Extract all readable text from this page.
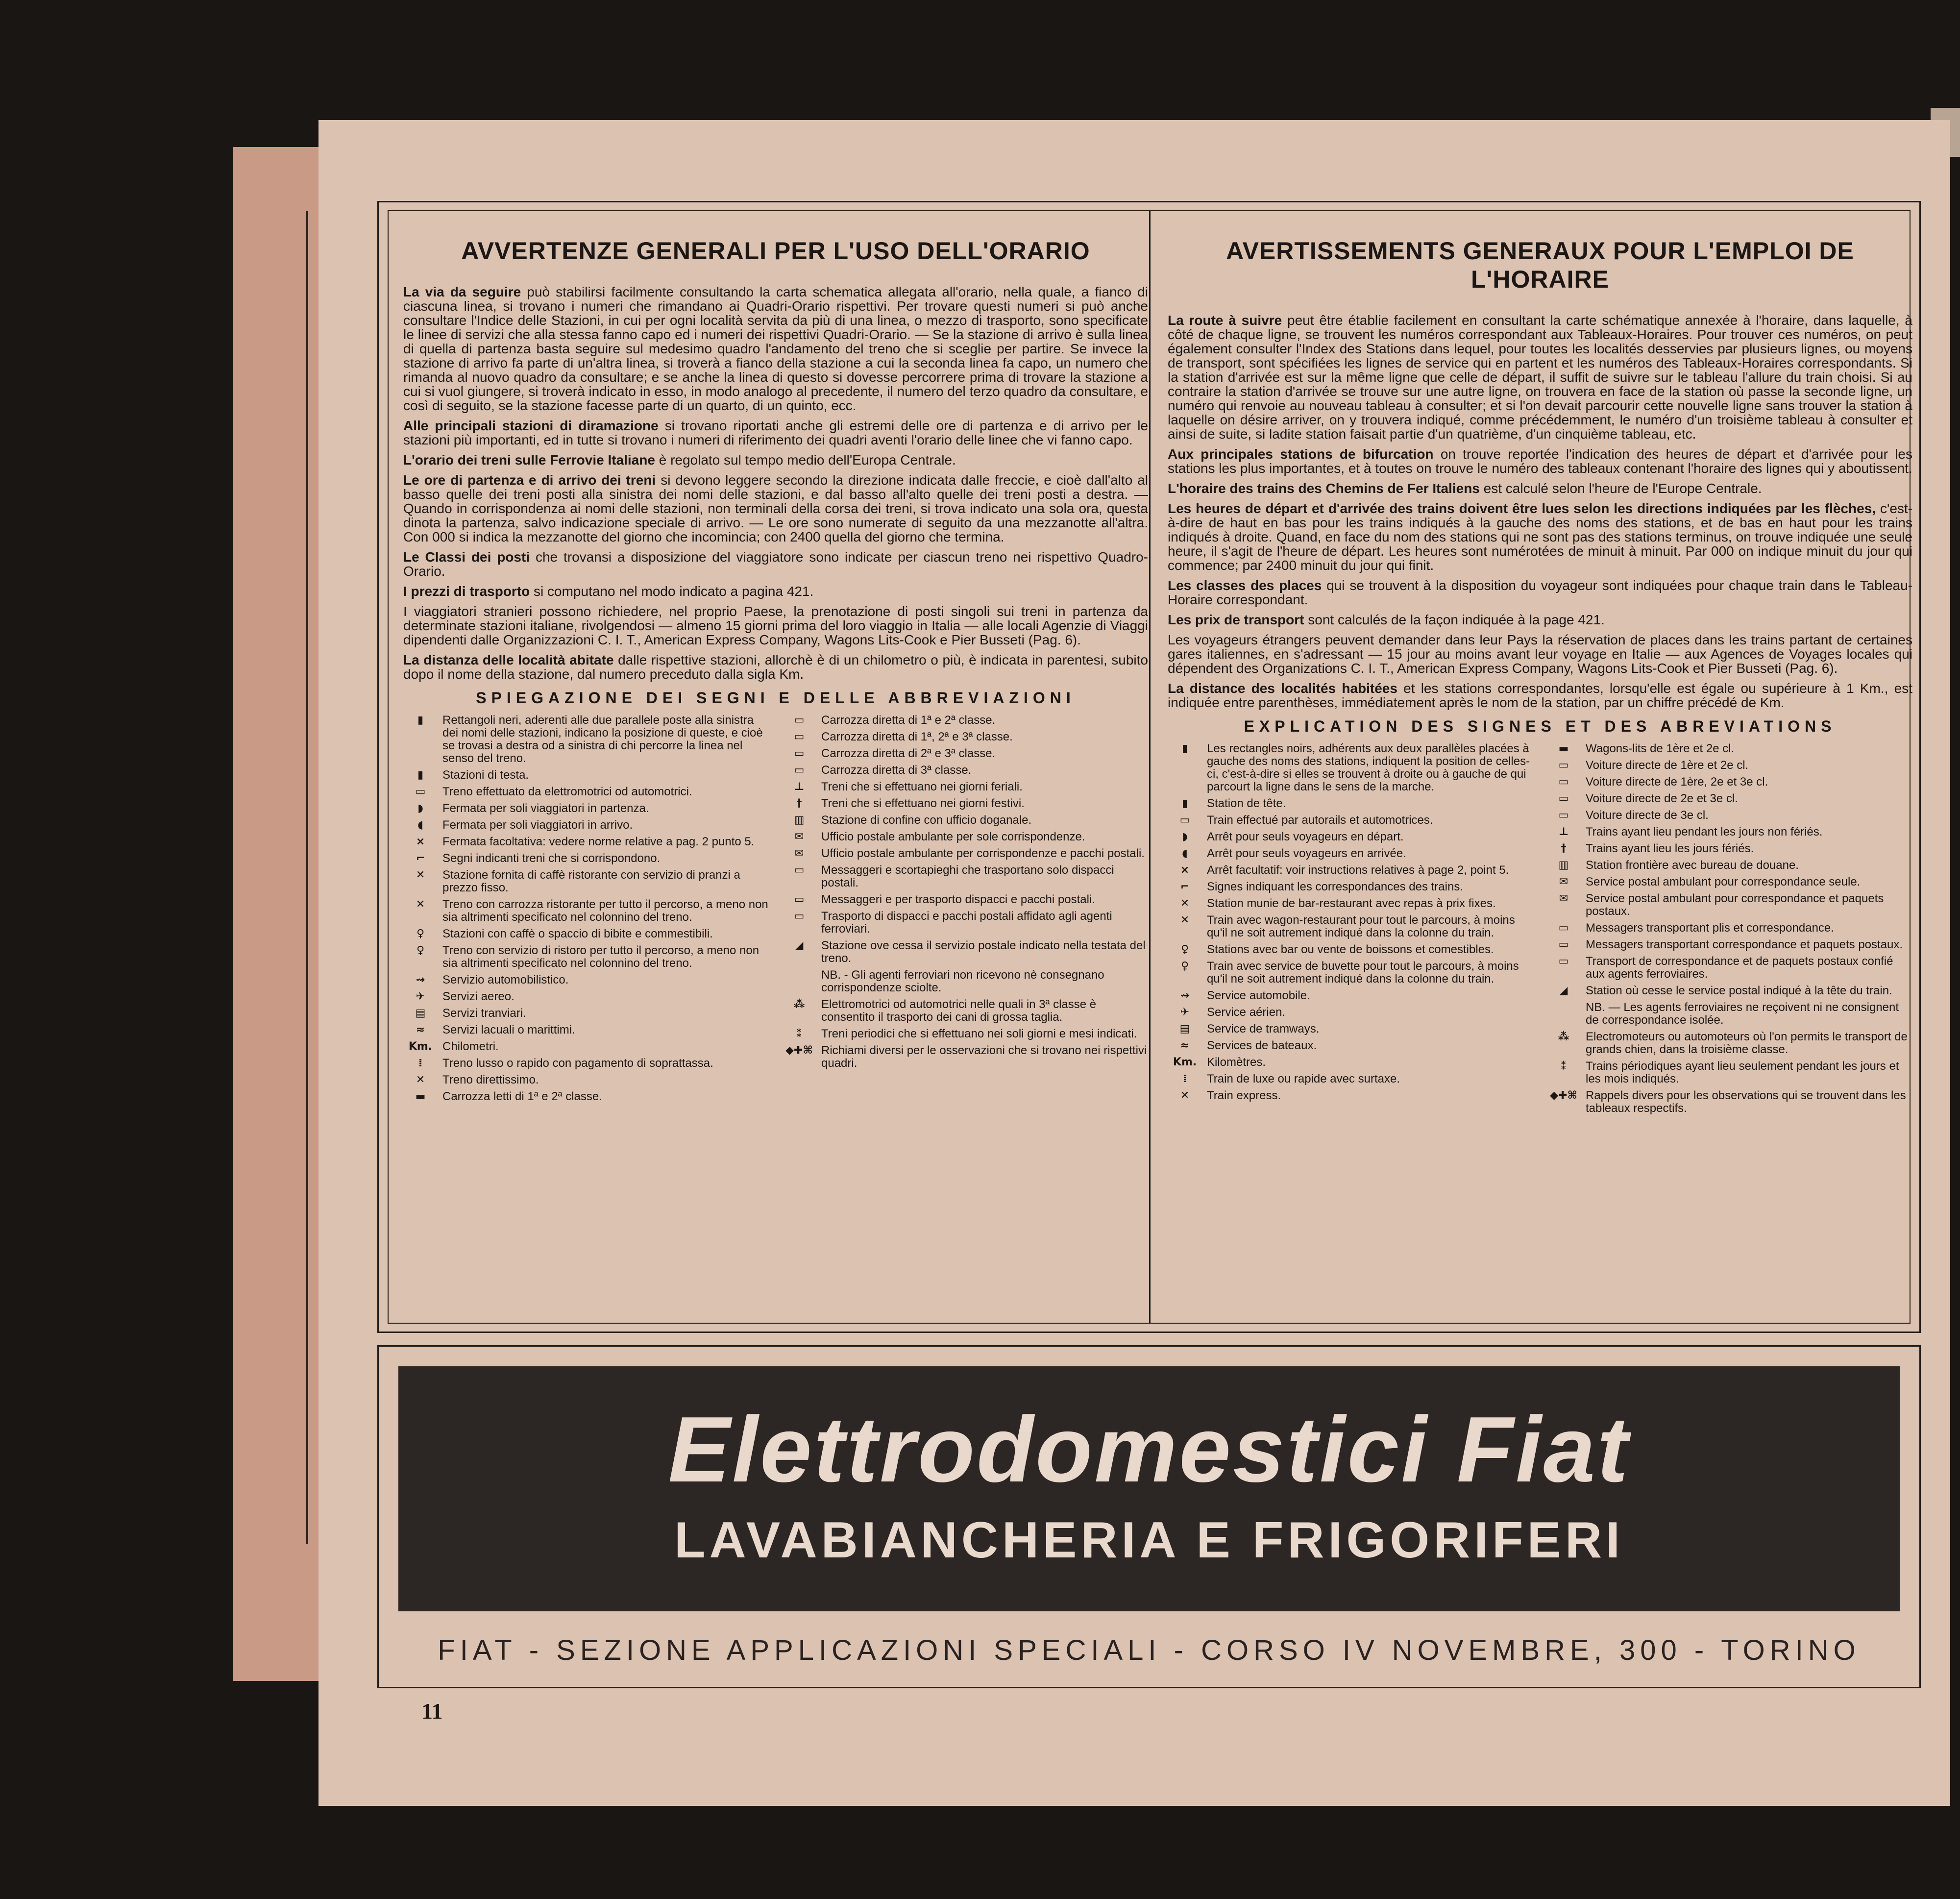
AVVERTENZE GENERALI PER L'USO DELL'ORARIO

La via da seguire può stabilirsi facilmente consultando la carta schematica allegata all'orario, nella quale, a fianco di ciascuna linea, si trovano i numeri che rimandano ai Quadri-Orario rispettivi. Per trovare questi numeri si può anche consultare l'Indice delle Stazioni, in cui per ogni località servita da più di una linea, o mezzo di trasporto, sono specificate le linee di servizi che alla stessa fanno capo ed i numeri dei rispettivi Quadri-Orario. — Se la stazione di arrivo è sulla linea di quella di partenza basta seguire sul medesimo quadro l'andamento del treno che si sceglie per partire. Se invece la stazione di arrivo fa parte di un'altra linea, si troverà a fianco della stazione a cui la seconda linea fa capo, un numero che rimanda al nuovo quadro da consultare; e se anche la linea di questo si dovesse percorrere prima di trovare la stazione a cui si vuol giungere, si troverà indicato in esso, in modo analogo al precedente, il numero del terzo quadro da consultare, e così di seguito, se la stazione facesse parte di un quarto, di un quinto, ecc.

Alle principali stazioni di diramazione si trovano riportati anche gli estremi delle ore di partenza e di arrivo per le stazioni più importanti, ed in tutte si trovano i numeri di riferimento dei quadri aventi l'orario delle linee che vi fanno capo.

L'orario dei treni sulle Ferrovie Italiane è regolato sul tempo medio dell'Europa Centrale.

Le ore di partenza e di arrivo dei treni si devono leggere secondo la direzione indicata dalle freccie, e cioè dall'alto al basso quelle dei treni posti alla sinistra dei nomi delle stazioni, e dal basso all'alto quelle dei treni posti a destra. — Quando in corrispondenza ai nomi delle stazioni, non terminali della corsa dei treni, si trova indicato una sola ora, questa dinota la partenza, salvo indicazione speciale di arrivo. — Le ore sono numerate di seguito da una mezzanotte all'altra. Con 000 si indica la mezzanotte del giorno che incomincia; con 2400 quella del giorno che termina.

Le Classi dei posti che trovansi a disposizione del viaggiatore sono indicate per ciascun treno nei rispettivo Quadro-Orario.

I prezzi di trasporto si computano nel modo indicato a pagina 421.

I viaggiatori stranieri possono richiedere, nel proprio Paese, la prenotazione di posti singoli sui treni in partenza da determinate stazioni italiane, rivolgendosi — almeno 15 giorni prima del loro viaggio in Italia — alle locali Agenzie di Viaggi dipendenti dalle Organizzazioni C. I. T., American Express Company, Wagons Lits-Cook e Pier Busseti (Pag. 6).

La distanza delle località abitate dalle rispettive stazioni, allorchè è di un chilometro o più, è indicata in parentesi, subito dopo il nome della stazione, dal numero preceduto dalla sigla Km.

SPIEGAZIONE DEI SEGNI E DELLE ABBREVIAZIONI
▮	Rettangoli neri, aderenti alle due parallele poste alla sinistra dei nomi delle stazioni, indicano la posizione di queste, e cioè se trovasi a destra od a sinistra di chi percorre la linea nel senso del treno.
▮	Stazioni di testa.
▭	Treno effettuato da elettromotrici od automotrici.
◗	Fermata per soli viaggiatori in partenza.
◖	Fermata per soli viaggiatori in arrivo.
×	Fermata facoltativa: vedere norme relative a pag. 2 punto 5.
⌐	Segni indicanti treni che si corrispondono.
✕	Stazione fornita di caffè ristorante con servizio di pranzi a prezzo fisso.
✕	Treno con carrozza ristorante per tutto il percorso, a meno non sia altrimenti specificato nel colonnino del treno.
♀	Stazioni con caffè o spaccio di bibite e commestibili.
♀	Treno con servizio di ristoro per tutto il percorso, a meno non sia altrimenti specificato nel colonnino del treno.
⇝	Servizio automobilistico.
✈	Servizi aereo.
▤	Servizi tranviari.
≈	Servizi lacuali o marittimi.
Km. Chilometri.
⁞	Treno lusso o rapido con pagamento di soprattassa.
✕	Treno direttissimo.
▬	Carrozza letti di 1ª e 2ª classe.
▭	Carrozza diretta di 1ª e 2ª classe.
▭	Carrozza diretta di 1ª, 2ª e 3ª classe.
▭	Carrozza diretta di 2ª e 3ª classe.
▭	Carrozza diretta di 3ª classe.
⊥	Treni che si effettuano nei giorni feriali.
†	Treni che si effettuano nei giorni festivi.
▥	Stazione di confine con ufficio doganale.
✉	Ufficio postale ambulante per sole corrispondenze.
✉	Ufficio postale ambulante per corrispondenze e pacchi postali.
▭	Messaggeri e scortapieghi che trasportano solo dispacci postali.
▭	Messaggeri e per trasporto dispacci e pacchi postali.
▭	Trasporto di dispacci e pacchi postali affidato agli agenti ferroviari.
◢	Stazione ove cessa il servizio postale indicato nella testata del treno.
NB. - Gli agenti ferroviari non ricevono nè consegnano corrispondenze sciolte.
⁂	Elettromotrici od automotrici nelle quali in 3ª classe è consentito il trasporto dei cani di grossa taglia.
⁑	Treni periodici che si effettuano nei soli giorni e mesi indicati.
◆✚⌘ Richiami diversi per le osservazioni che si trovano nei rispettivi quadri.
AVERTISSEMENTS GENERAUX POUR L'EMPLOI DE L'HORAIRE

La route à suivre peut être établie facilement en consultant la carte schématique annexée à l'horaire, dans laquelle, à côté de chaque ligne, se trouvent les numéros correspondant aux Tableaux-Horaires. Pour trouver ces numéros, on peut également consulter l'Index des Stations dans lequel, pour toutes les localités desservies par plusieurs lignes, ou moyens de transport, sont spécifiées les lignes de service qui en partent et les numéros des Tableaux-Horaires correspondants. Si la station d'arrivée est sur la même ligne que celle de départ, il suffit de suivre sur le tableau l'allure du train choisi. Si au contraire la station d'arrivée se trouve sur une autre ligne, on trouvera en face de la station où passe la seconde ligne, un numéro qui renvoie au nouveau tableau à consulter; et si l'on devait parcourir cette nouvelle ligne sans trouver la station à laquelle on désire arriver, on y trouvera indiqué, comme précédemment, le numéro d'un troisième tableau à consulter et ainsi de suite, si ladite station faisait partie d'un quatrième, d'un cinquième tableau, etc.

Aux principales stations de bifurcation on trouve reportée l'indication des heures de départ et d'arrivée pour les stations les plus importantes, et à toutes on trouve le numéro des tableaux contenant l'horaire des lignes qui y aboutissent.

L'horaire des trains des Chemins de Fer Italiens est calculé selon l'heure de l'Europe Centrale.

Les heures de départ et d'arrivée des trains doivent être lues selon les directions indiquées par les flèches, c'est-à-dire de haut en bas pour les trains indiqués à la gauche des noms des stations, et de bas en haut pour les trains indiqués à droite. Quand, en face du nom des stations qui ne sont pas des stations terminus, on trouve indiquée une seule heure, il s'agit de l'heure de départ. Les heures sont numérotées de minuit à minuit. Par 000 on indique minuit du jour qui commence; par 2400 minuit du jour qui finit.

Les classes des places qui se trouvent à la disposition du voyageur sont indiquées pour chaque train dans le Tableau-Horaire correspondant.

Les prix de transport sont calculés de la façon indiquée à la page 421.

Les voyageurs étrangers peuvent demander dans leur Pays la réservation de places dans les trains partant de certaines gares italiennes, en s'adressant — 15 jour au moins avant leur voyage en Italie — aux Agences de Voyages locales qui dépendent des Organizations C. I. T., American Express Company, Wagons Lits-Cook et Pier Busseti (Pag. 6).

La distance des localités habitées et les stations correspondantes, lorsqu'elle est égale ou supérieure à 1 Km., est indiquée entre parenthèses, immédiatement après le nom de la station, par un chiffre précédé de Km.

EXPLICATION DES SIGNES ET DES ABREVIATIONS
▮	Les rectangles noirs, adhérents aux deux parallèles placées à gauche des noms des stations, indiquent la position de celles-ci, c'est-à-dire si elles se trouvent à droite ou à gauche de qui parcourt la ligne dans le sens de la marche.
▮	Station de tête.
▭	Train effectué par autorails et automotrices.
◗	Arrêt pour seuls voyageurs en départ.
◖	Arrêt pour seuls voyageurs en arrivée.
×	Arrêt facultatif: voir instructions relatives à page 2, point 5.
⌐	Signes indiquant les correspondances des trains.
✕	Station munie de bar-restaurant avec repas à prix fixes.
✕	Train avec wagon-restaurant pour tout le parcours, à moins qu'il ne soit autrement indiqué dans la colonne du train.
♀	Stations avec bar ou vente de boissons et comestibles.
♀	Train avec service de buvette pour tout le parcours, à moins qu'il ne soit autrement indiqué dans la colonne du train.
⇝	Service automobile.
✈	Service aérien.
▤	Service de tramways.
≈	Services de bateaux.
Km. Kilomètres.
⁞	Train de luxe ou rapide avec surtaxe.
✕	Train express.
▬	Wagons-lits de 1ère et 2e cl.
▭	Voiture directe de 1ère et 2e cl.
▭	Voiture directe de 1ère, 2e et 3e cl.
▭	Voiture directe de 2e et 3e cl.
▭	Voiture directe de 3e cl.
⊥	Trains ayant lieu pendant les jours non fériés.
†	Trains ayant lieu les jours fériés.
▥	Station frontière avec bureau de douane.
✉	Service postal ambulant pour correspondance seule.
✉	Service postal ambulant pour correspondance et paquets postaux.
▭	Messagers transportant plis et correspondance.
▭	Messagers transportant correspondance et paquets postaux.
▭	Transport de correspondance et de paquets postaux confié aux agents ferroviaires.
◢	Station où cesse le service postal indiqué à la tête du train.
NB. — Les agents ferroviaires ne reçoivent ni ne consignent de correspondance isolée.
⁂	Electromoteurs ou automoteurs où l'on permits le transport de grands chien, dans la troisième classe.
⁑	Trains périodiques ayant lieu seulement pendant les jours et les mois indiqués.
◆✚⌘ Rappels divers pour les observations qui se trouvent dans les tableaux respectifs.
Elettrodomestici Fiat
LAVABIANCHERIA E FRIGORIFERI
FIAT - SEZIONE APPLICAZIONI SPECIALI - CORSO IV NOVEMBRE, 300 - TORINO
11
